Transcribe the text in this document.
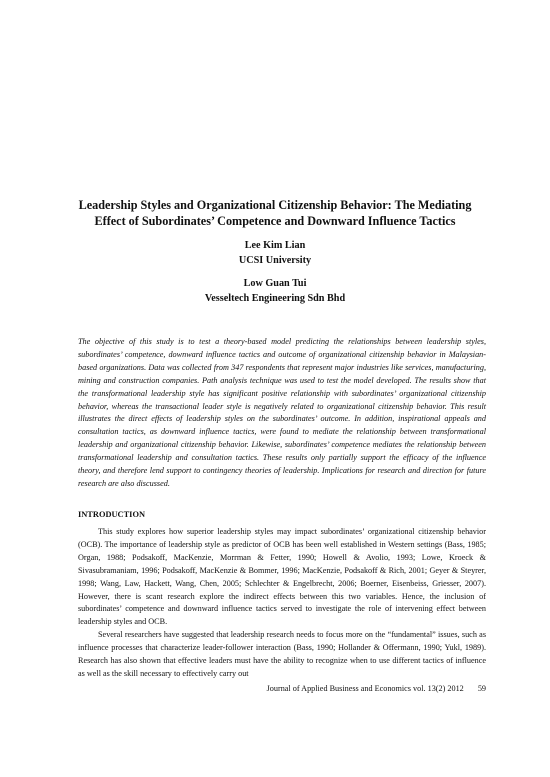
Leadership Styles and Organizational Citizenship Behavior: The Mediating
Effect of Subordinates’ Competence and Downward Influence Tactics
Lee Kim Lian
UCSI University
Low Guan Tui
Vesseltech Engineering Sdn Bhd
The objective of this study is to test a theory-based model predicting the relationships between leadership styles, subordinates’ competence, downward influence tactics and outcome of organizational citizenship behavior in Malaysian-based organizations. Data was collected from 347 respondents that represent major industries like services, manufacturing, mining and construction companies. Path analysis technique was used to test the model developed. The results show that the transformational leadership style has significant positive relationship with subordinates’ organizational citizenship behavior, whereas the transactional leader style is negatively related to organizational citizenship behavior. This result illustrates the direct effects of leadership styles on the subordinates’ outcome. In addition, inspirational appeals and consultation tactics, as downward influence tactics, were found to mediate the relationship between transformational leadership and organizational citizenship behavior. Likewise, subordinates’ competence mediates the relationship between transformational leadership and consultation tactics. These results only partially support the efficacy of the influence theory, and therefore lend support to contingency theories of leadership. Implications for research and direction for future research are also discussed.
INTRODUCTION

This study explores how superior leadership styles may impact subordinates’ organizational citizenship behavior (OCB). The importance of leadership style as predictor of OCB has been well established in Western settings (Bass, 1985; Organ, 1988; Podsakoff, MacKenzie, Morrman & Fetter, 1990; Howell & Avolio, 1993; Lowe, Kroeck & Sivasubramaniam, 1996; Podsakoff, MacKenzie & Bommer, 1996; MacKenzie, Podsakoff & Rich, 2001; Geyer & Steyrer, 1998; Wang, Law, Hackett, Wang, Chen, 2005; Schlechter & Engelbrecht, 2006; Boerner, Eisenbeiss, Griesser, 2007). However, there is scant research explore the indirect effects between this two variables. Hence, the inclusion of subordinates’ competence and downward influence tactics served to investigate the role of intervening effect between leadership styles and OCB.

Several researchers have suggested that leadership research needs to focus more on the “fundamental” issues, such as influence processes that characterize leader-follower interaction (Bass, 1990; Hollander & Offermann, 1990; Yukl, 1989). Research has also shown that effective leaders must have the ability to recognize when to use different tactics of influence as well as the skill necessary to effectively carry out

Journal of Applied Business and Economics vol. 13(2) 2012 59
